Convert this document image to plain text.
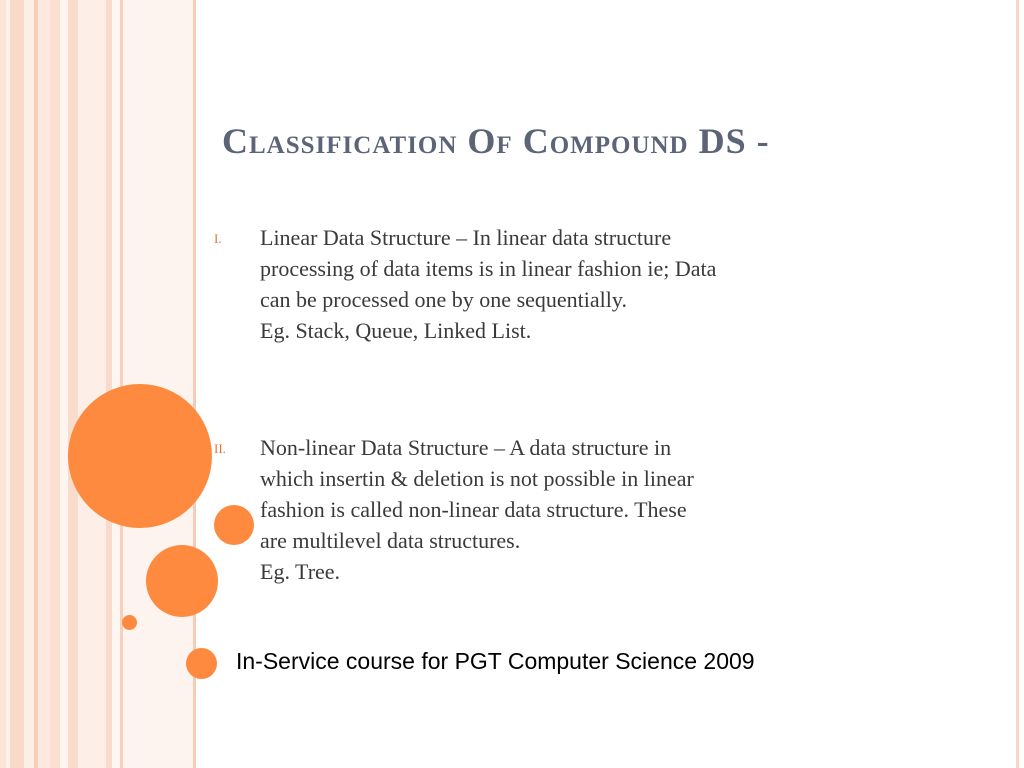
Classification Of Compound DS -
I. Linear Data Structure – In linear data structure
processing of data items is in linear fashion ie; Data
can be processed one by one sequentially.
Eg. Stack, Queue, Linked List.
II. Non-linear Data Structure – A data structure in
which insertin & deletion is not possible in linear
fashion is called non-linear data structure. These
are multilevel data structures.
Eg. Tree.
In-Service course for PGT Computer Science 2009
